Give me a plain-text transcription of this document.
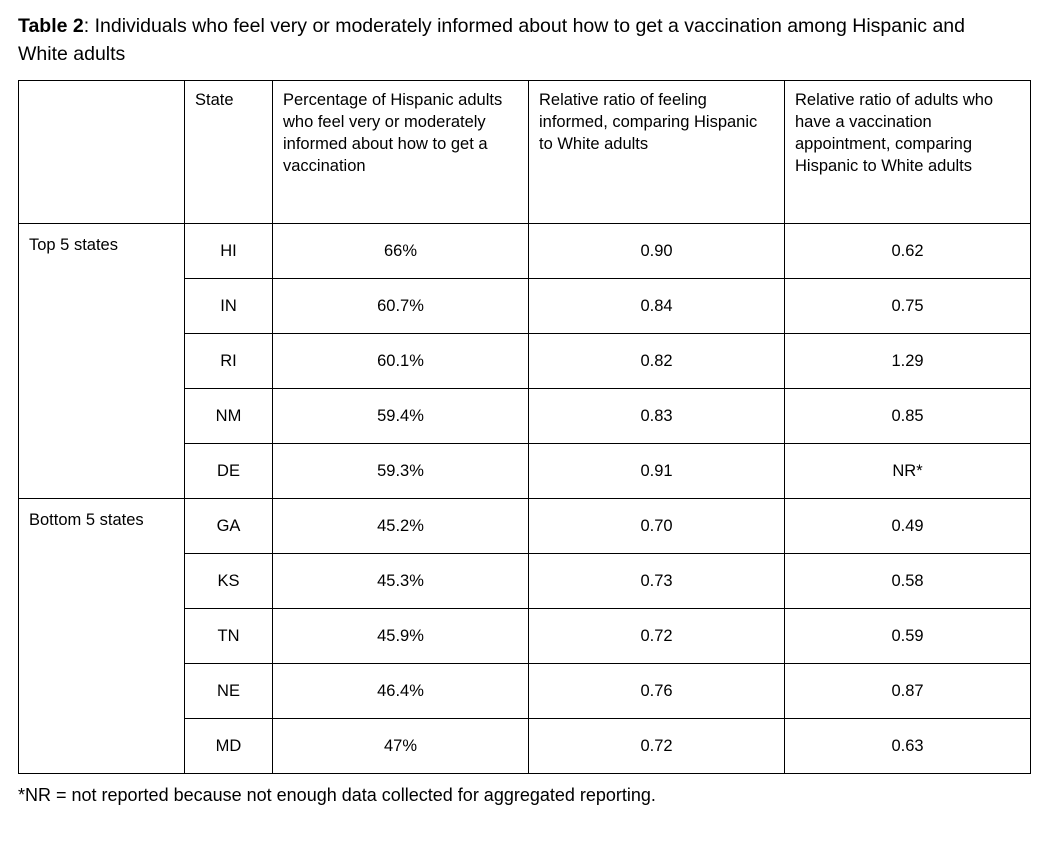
Table 2: Individuals who feel very or moderately informed about how to get a vaccination among Hispanic and White adults

	State	Percentage of Hispanic adults who feel very or moderately informed about how to get a vaccination	Relative ratio of feeling informed, comparing Hispanic to White adults	Relative ratio of adults who have a vaccination appointment, comparing Hispanic to White adults
Top 5 states	HI	66%	0.90	0.62
	IN	60.7%	0.84	0.75
	RI	60.1%	0.82	1.29
	NM	59.4%	0.83	0.85
	DE	59.3%	0.91	NR*
Bottom 5 states	GA	45.2%	0.70	0.49
	KS	45.3%	0.73	0.58
	TN	45.9%	0.72	0.59
	NE	46.4%	0.76	0.87
	MD	47%	0.72	0.63

*NR = not reported because not enough data collected for aggregated reporting.
